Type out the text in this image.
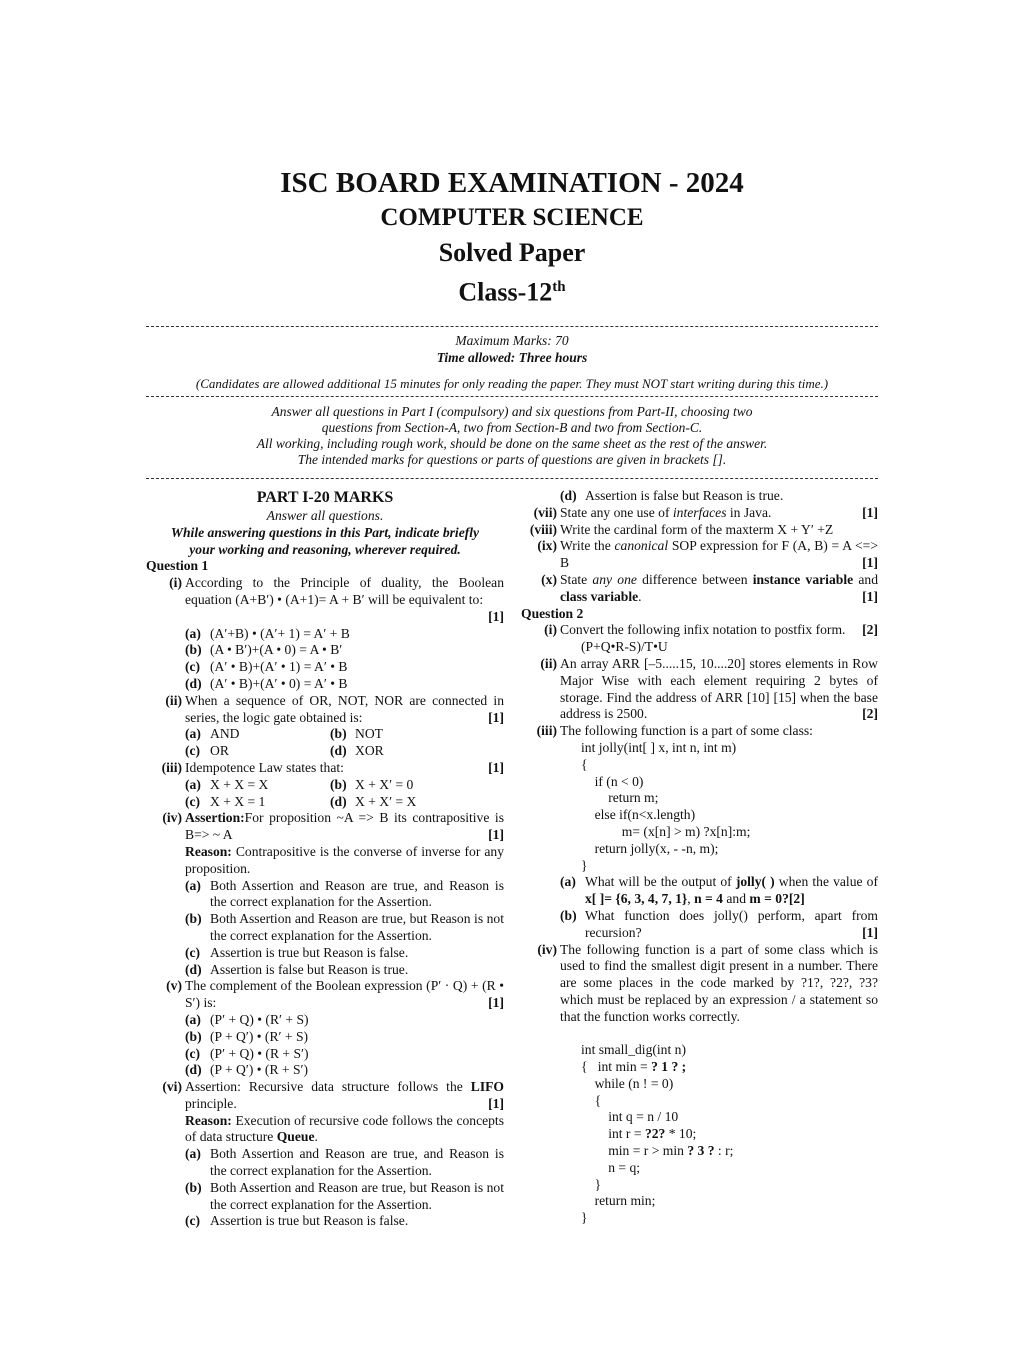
ISC BOARD EXAMINATION - 2024
COMPUTER SCIENCE
Solved Paper
Class-12th
Maximum Marks: 70
Time allowed: Three hours
(Candidates are allowed additional 15 minutes for only reading the paper. They must NOT start writing during this time.)
Answer all questions in Part I (compulsory) and six questions from Part-II, choosing two
questions from Section-A, two from Section-B and two from Section-C.
All working, including rough work, should be done on the same sheet as the rest of the answer.
The intended marks for questions or parts of questions are given in brackets [].
PART I-20 MARKS
Answer all questions.
While answering questions in this Part, indicate briefly
your working and reasoning, wherever required.
Question 1
(i) According to the Principle of duality, the Boolean equation (A+B′) • (A+1)= A + B′ will be equivalent to:
[1]
(a) (A′+B) • (A′+ 1) = A′ + B
(b) (A • B′)+(A • 0) = A • B′
(c) (A′ • B)+(A′ • 1) = A′ • B
(d) (A′ • B)+(A′ • 0) = A′ • B
(ii) When a sequence of OR, NOT, NOR are connected in series, the logic gate obtained is:	[1]
(a) AND	(b) NOT
(c) OR	(d) XOR
(iii) Idempotence Law states that:	[1]
(a) X + X = X	(b) X + X′ = 0
(c) X + X = 1	(d) X + X′ = X
(iv) Assertion:For proposition ~A => B its contrapositive is B=> ~ A	[1]
Reason: Contrapositive is the converse of inverse for any proposition.
(a) Both Assertion and Reason are true, and Reason is the correct explanation for the Assertion.
(b) Both Assertion and Reason are true, but Reason is not the correct explanation for the Assertion.
(c) Assertion is true but Reason is false.
(d) Assertion is false but Reason is true.
(v) The complement of the Boolean expression (P′ · Q) + (R • S′) is:	[1]
(a) (P′ + Q) • (R′ + S)
(b) (P + Q′) • (R′ + S)
(c) (P′ + Q) • (R + S′)
(d) (P + Q′) • (R + S′)
(vi) Assertion: Recursive data structure follows the LIFO principle.	[1]
Reason: Execution of recursive code follows the concepts of data structure Queue.
(a) Both Assertion and Reason are true, and Reason is the correct explanation for the Assertion.
(b) Both Assertion and Reason are true, but Reason is not the correct explanation for the Assertion.
(c) Assertion is true but Reason is false.
(d) Assertion is false but Reason is true.
(vii) State any one use of interfaces in Java.	[1]
(viii) Write the cardinal form of the maxterm X + Y′ +Z
(ix) Write the canonical SOP expression for F (A, B) = A <=> B	[1]
(x) State any one difference between instance variable and class variable.	[1]
Question 2
(i) Convert the following infix notation to postfix form.	[2]
(P+Q•R-S)/T•U
(ii) An array ARR [–5.....15, 10....20] stores elements in Row Major Wise with each element requiring 2 bytes of storage. Find the address of ARR [10] [15] when the base address is 2500.	[2]
(iii) The following function is a part of some class:
int jolly(int[ ] x, int n, int m)
{
if (n < 0)
return m;
else if(n<x.length)
m= (x[n] > m) ?x[n]:m;
return jolly(x, - -n, m);
}
(a) What will be the output of jolly( ) when the value of x[ ]= {6, 3, 4, 7, 1}, n = 4 and m = 0?[2]
(b) What function does jolly() perform, apart from recursion?	[1]
(iv) The following function is a part of some class which is used to find the smallest digit present in a number. There are some places in the code marked by ?1?, ?2?, ?3? which must be replaced by an expression / a statement so that the function works correctly.

int small_dig(int n)
{   int min = ? 1 ? ;
while (n ! = 0)
{
int q = n / 10
int r = ?2? * 10;
min = r > min ? 3 ? : r;
n = q;
}
return min;
}
